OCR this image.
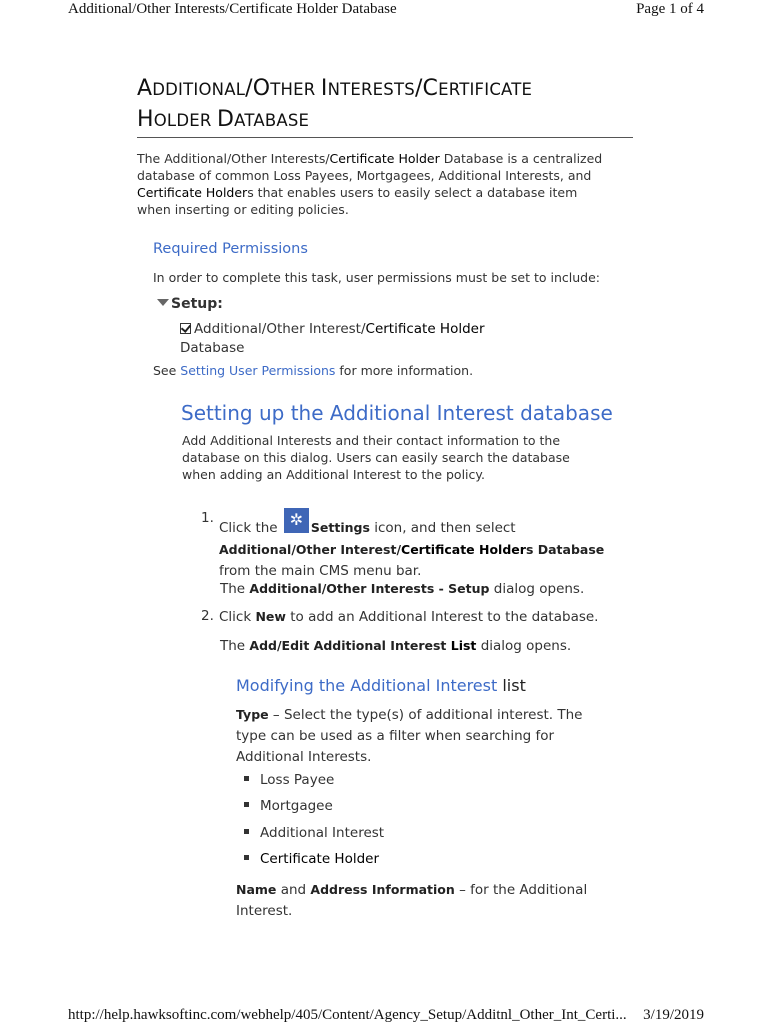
Additional/Other Interests/Certificate Holder Database	Page 1 of 4
ADDITIONAL/OTHER INTERESTS/CERTIFICATE
HOLDER DATABASE
The Additional/Other Interests/Certificate Holder Database is a centralized database of common Loss Payees, Mortgagees, Additional Interests, and Certificate Holders that enables users to easily select a database item when inserting or editing policies.
Required Permissions
In order to complete this task, user permissions must be set to include:
Setup:
Additional/Other Interest/Certificate Holder
Database
See Setting User Permissions for more information.
Setting up the Additional Interest database
Add Additional Interests and their contact information to the database on this dialog. Users can easily search the database when adding an Additional Interest to the policy.
1.
Click the ✲ Settings icon, and then select
Additional/Other Interest/Certificate Holders Database
from the main CMS menu bar.
The Additional/Other Interests - Setup dialog opens.
2. Click New to add an Additional Interest to the database.
The Add/Edit Additional Interest List dialog opens.
Modifying the Additional Interest list
Type – Select the type(s) of additional interest. The type can be used as a filter when searching for Additional Interests.
Loss Payee
Mortgagee
Additional Interest
Certificate Holder
Name and Address Information – for the Additional Interest.
http://help.hawksoftinc.com/webhelp/405/Content/Agency_Setup/Additnl_Other_Int_Certi... 3/19/2019
